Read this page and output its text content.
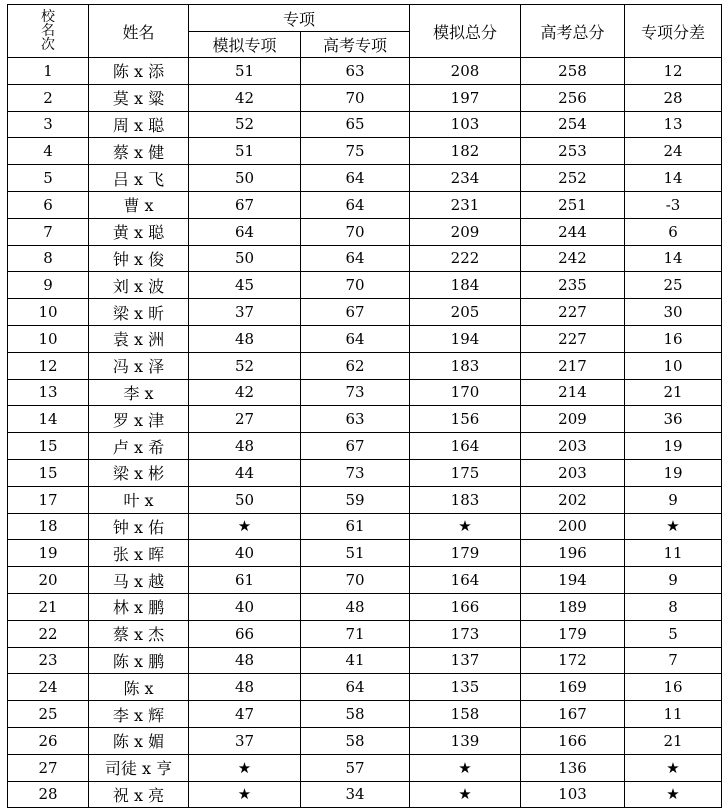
校名次	姓名	专项		模拟总分	高考总分	专项分差
		模拟专项	高考专项			
1	陈 x 添	51	63	208	258	12
2	莫 x 粱	42	70	197	256	28
3	周 x 聪	52	65	103	254	13
4	蔡 x 健	51	75	182	253	24
5	吕 x 飞	50	64	234	252	14
6	曹 x	67	64	231	251	-3
7	黄 x 聪	64	70	209	244	6
8	钟 x 俊	50	64	222	242	14
9	刘 x 波	45	70	184	235	25
10	梁 x 昕	37	67	205	227	30
10	袁 x 洲	48	64	194	227	16
12	冯 x 泽	52	62	183	217	10
13	李 x	42	73	170	214	21
14	罗 x 津	27	63	156	209	36
15	卢 x 希	48	67	164	203	19
15	梁 x 彬	44	73	175	203	19
17	叶 x	50	59	183	202	9
18	钟 x 佑	★	61	★	200	★
19	张 x 晖	40	51	179	196	11
20	马 x 越	61	70	164	194	9
21	林 x 鹏	40	48	166	189	8
22	蔡 x 杰	66	71	173	179	5
23	陈 x 鹏	48	41	137	172	7
24	陈 x	48	64	135	169	16
25	李 x 辉	47	58	158	167	11
26	陈 x 媚	37	58	139	166	21
27	司徒 x 亨	★	57	★	136	★
28	祝 x 亮	★	34	★	103	★
